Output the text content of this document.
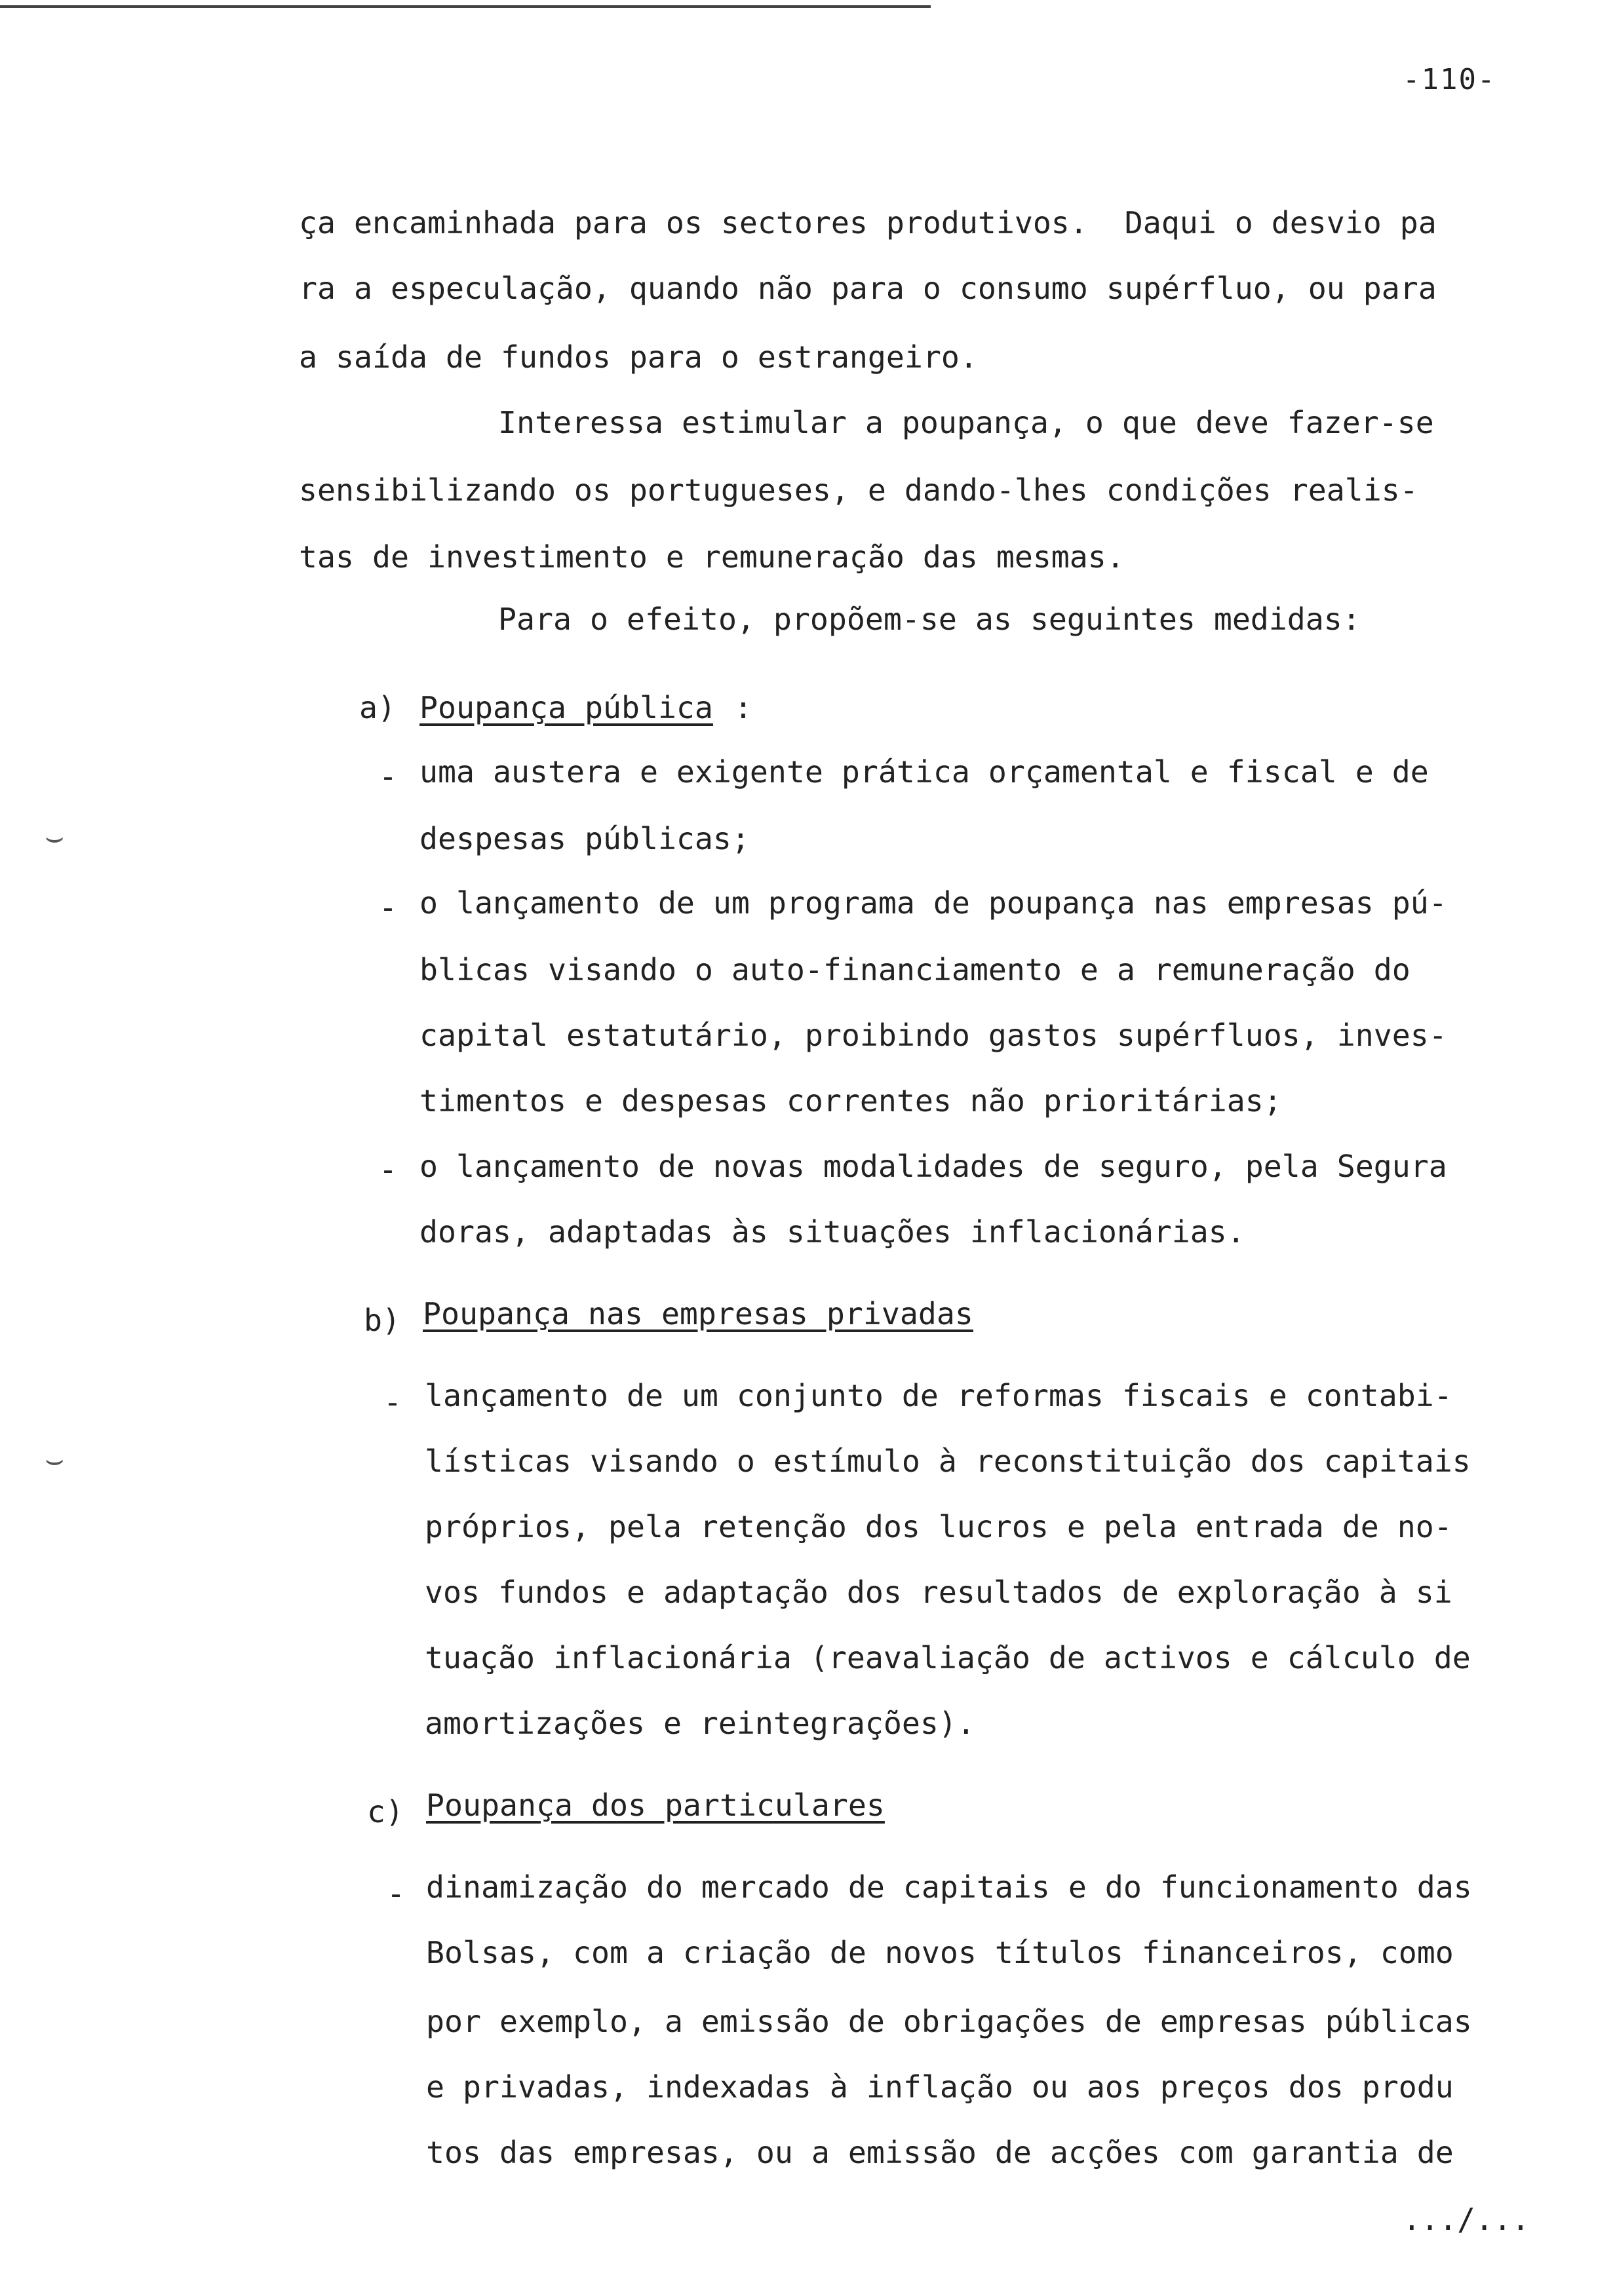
-110-
ça encaminhada para os sectores produtivos.  Daqui o desvio pa
ra a especulação, quando não para o consumo supérfluo, ou para
a saída de fundos para o estrangeiro.
Interessa estimular a poupança, o que deve fazer-se
sensibilizando os portugueses, e dando-lhes condições realis-
tas de investimento e remuneração das mesmas.
Para o efeito, propõem-se as seguintes medidas:
a) Poupança pública :
- uma austera e exigente prática orçamental e fiscal e de
despesas públicas;
- o lançamento de um programa de poupança nas empresas pú-
blicas visando o auto-financiamento e a remuneração do
capital estatutário, proibindo gastos supérfluos, inves-
timentos e despesas correntes não prioritárias;
- o lançamento de novas modalidades de seguro, pela Segura
doras, adaptadas às situações inflacionárias.
b) Poupança nas empresas privadas
- lançamento de um conjunto de reformas fiscais e contabi-
lísticas visando o estímulo à reconstituição dos capitais
próprios, pela retenção dos lucros e pela entrada de no-
vos fundos e adaptação dos resultados de exploração à si
tuação inflacionária (reavaliação de activos e cálculo de
amortizações e reintegrações).
c) Poupança dos particulares
- dinamização do mercado de capitais e do funcionamento das
Bolsas, com a criação de novos títulos financeiros, como
por exemplo, a emissão de obrigações de empresas públicas
e privadas, indexadas à inflação ou aos preços dos produ
tos das empresas, ou a emissão de acções com garantia de
.../...
⌣
⌣
